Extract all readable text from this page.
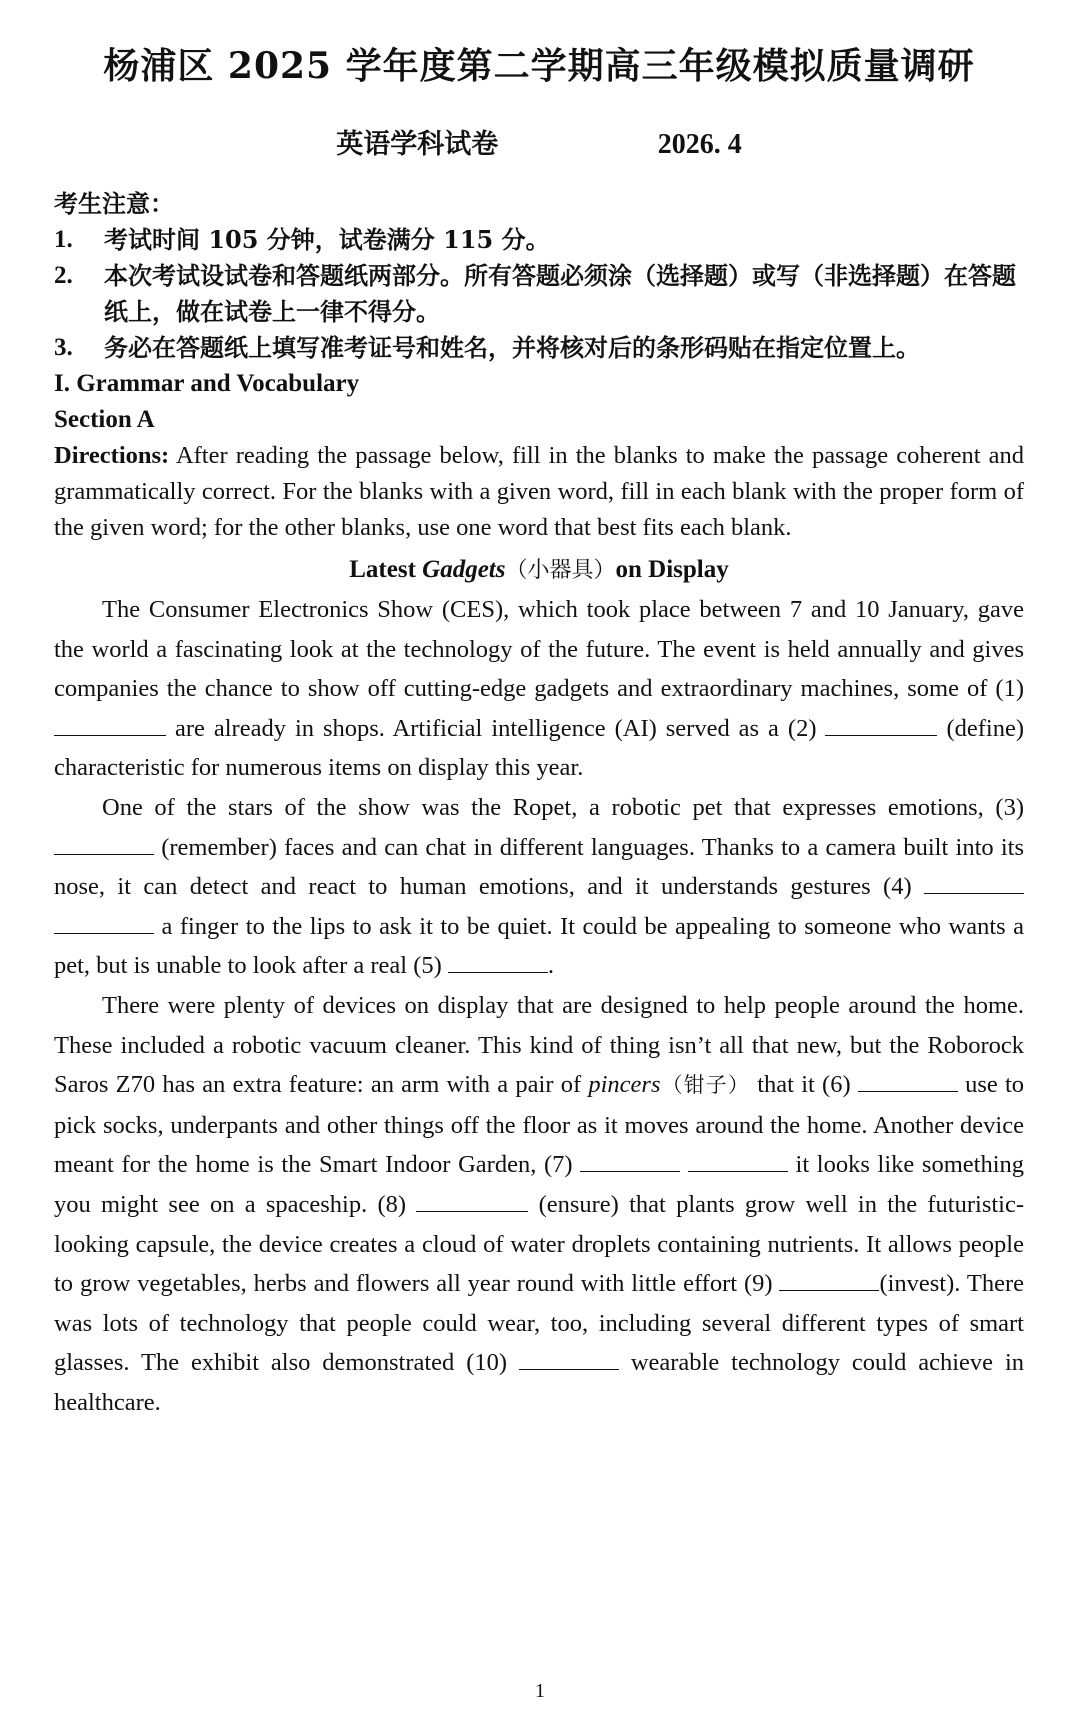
杨浦区 2025 学年度第二学期高三年级模拟质量调研
英语学科试卷	2026. 4
考生注意：
1.	考试时间 105 分钟，试卷满分 115 分。
2.	本次考试设试卷和答题纸两部分。所有答题必须涂（选择题）或写（非选择题）在答题纸上，做在试卷上一律不得分。
3.	务必在答题纸上填写准考证号和姓名，并将核对后的条形码贴在指定位置上。
I. Grammar and Vocabulary
Section A
Directions: After reading the passage below, fill in the blanks to make the passage coherent and grammatically correct. For the blanks with a given word, fill in each blank with the proper form of the given word; for the other blanks, use one word that best fits each blank.
Latest Gadgets（小器具）on Display

The Consumer Electronics Show (CES), which took place between 7 and 10 January, gave the world a fascinating look at the technology of the future. The event is held annually and gives companies the chance to show off cutting-edge gadgets and extraordinary machines, some of (1)  are already in shops. Artificial intelligence (AI) served as a (2)	(define) characteristic for numerous items on display this year.

One of the stars of the show was the Ropet, a robotic pet that expresses emotions, (3)  (remember) faces and can chat in different languages. Thanks to a camera built into its nose, it can detect and react to human emotions, and it understands gestures (4)   a finger to the lips to ask it to be quiet. It could be appealing to someone who wants a pet, but is unable to look after a real (5)	.

There were plenty of devices on display that are designed to help people around the home. These included a robotic vacuum cleaner. This kind of thing isn’t all that new, but the Roborock Saros Z70 has an extra feature: an arm with a pair of pincers（钳子） that it (6)	use to pick socks, underpants and other things off the floor as it moves around the home. Another device meant for the home is the Smart Indoor Garden, (7)	it looks like something you might see on a spaceship. (8)	(ensure) that plants grow well in the futuristic-looking capsule, the device creates a cloud of water droplets containing nutrients. It allows people to grow vegetables, herbs and flowers all year round with little effort (9)	(invest). There was lots of technology that people could wear, too, including several different types of smart glasses. The exhibit also demonstrated (10)	wearable technology could achieve in healthcare.

1
